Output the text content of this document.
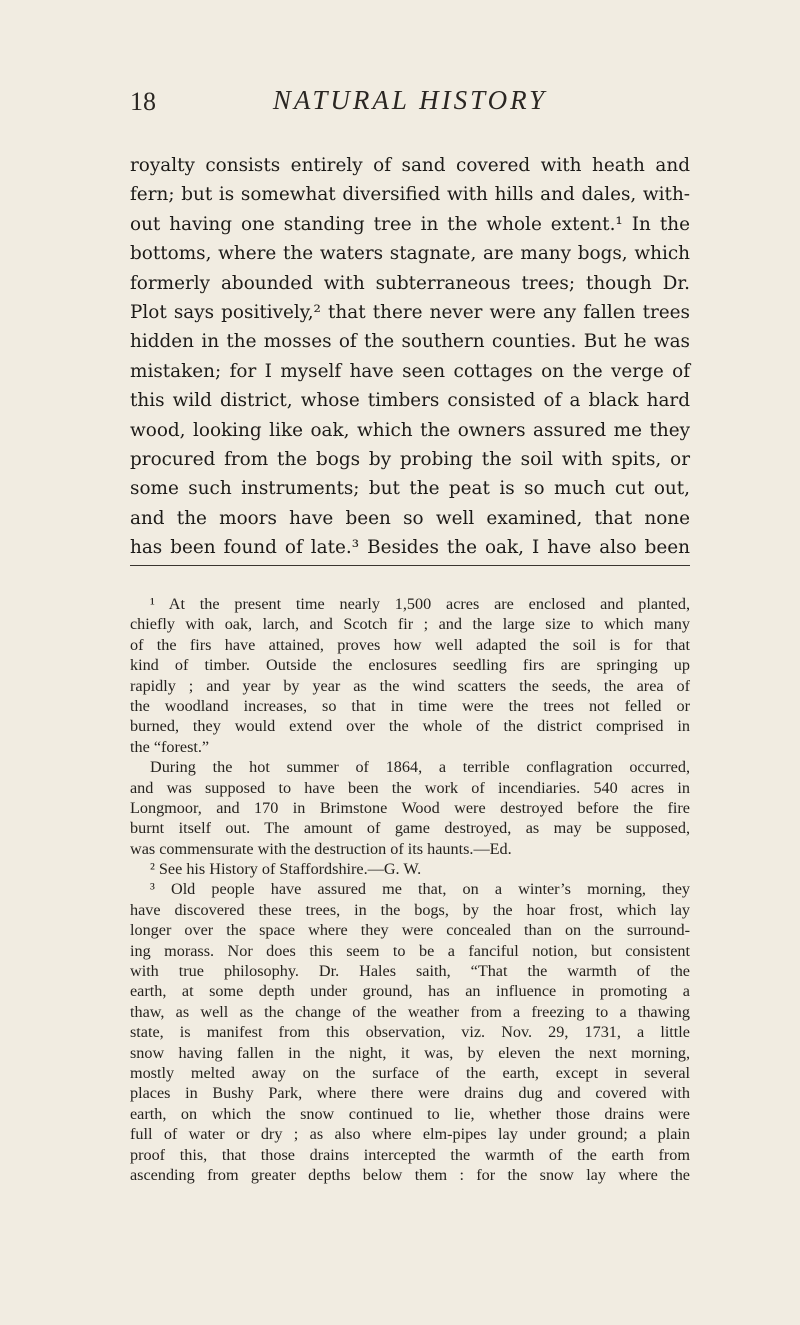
18	NATURAL HISTORY
royalty consists entirely of sand covered with heath and
fern; but is somewhat diversified with hills and dales, with-
out having one standing tree in the whole extent.¹ In the
bottoms, where the waters stagnate, are many bogs, which
formerly abounded with subterraneous trees; though Dr.
Plot says positively,² that there never were any fallen trees
hidden in the mosses of the southern counties. But he was
mistaken; for I myself have seen cottages on the verge of
this wild district, whose timbers consisted of a black hard
wood, looking like oak, which the owners assured me they
procured from the bogs by probing the soil with spits, or
some such instruments; but the peat is so much cut out,
and the moors have been so well examined, that none
has been found of late.³ Besides the oak, I have also been
¹ At the present time nearly 1,500 acres are enclosed and planted,
chiefly with oak, larch, and Scotch fir ; and the large size to which many
of the firs have attained, proves how well adapted the soil is for that
kind of timber. Outside the enclosures seedling firs are springing up
rapidly ; and year by year as the wind scatters the seeds, the area of
the woodland increases, so that in time were the trees not felled or
burned, they would extend over the whole of the district comprised in
the “forest.”
During the hot summer of 1864, a terrible conflagration occurred,
and was supposed to have been the work of incendiaries. 540 acres in
Longmoor, and 170 in Brimstone Wood were destroyed before the fire
burnt itself out. The amount of game destroyed, as may be supposed,
was commensurate with the destruction of its haunts.—Ed.
² See his History of Staffordshire.—G. W.
³ Old people have assured me that, on a winter’s morning, they
have discovered these trees, in the bogs, by the hoar frost, which lay
longer over the space where they were concealed than on the surround-
ing morass. Nor does this seem to be a fanciful notion, but consistent
with true philosophy. Dr. Hales saith, “That the warmth of the
earth, at some depth under ground, has an influence in promoting a
thaw, as well as the change of the weather from a freezing to a thawing
state, is manifest from this observation, viz. Nov. 29, 1731, a little
snow having fallen in the night, it was, by eleven the next morning,
mostly melted away on the surface of the earth, except in several
places in Bushy Park, where there were drains dug and covered with
earth, on which the snow continued to lie, whether those drains were
full of water or dry ; as also where elm-pipes lay under ground; a plain
proof this, that those drains intercepted the warmth of the earth from
ascending from greater depths below them : for the snow lay where the
